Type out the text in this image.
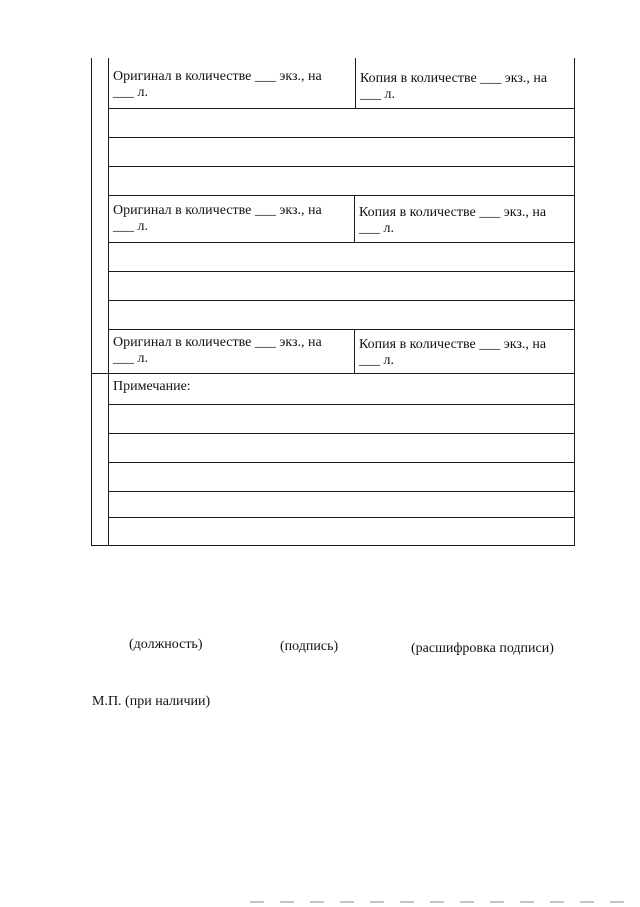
Оригинал в количестве ___ экз., на
___ л.
Копия в количестве ___ экз., на
___ л.
Оригинал в количестве ___ экз., на
___ л.
Копия в количестве ___ экз., на
___ л.
Оригинал в количестве ___ экз., на
___ л.
Копия в количестве ___ экз., на
___ л.
Примечание:
(должность)	(подпись)	(расшифровка подписи)
М.П. (при наличии)
